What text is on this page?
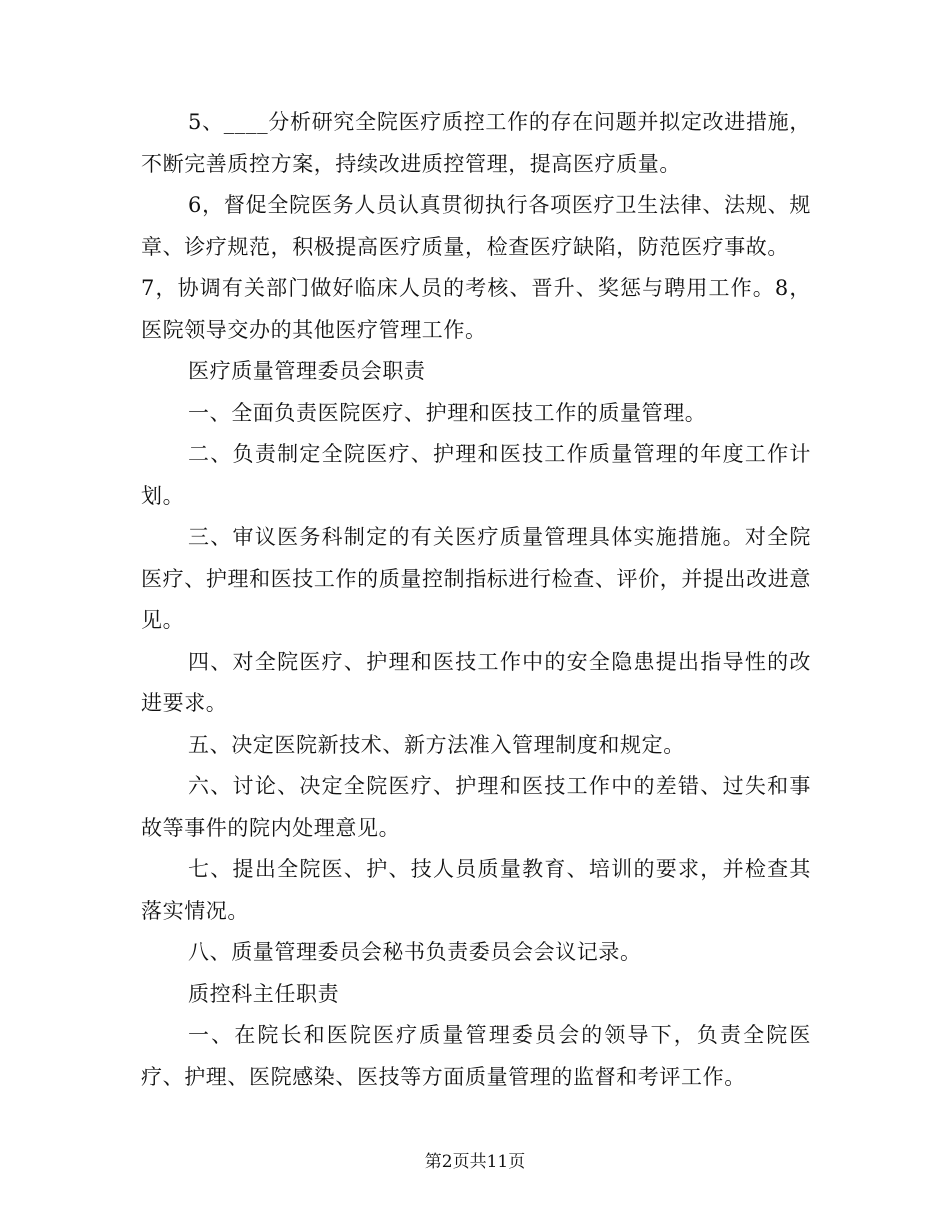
5、____分析研究全院医疗质控工作的存在问题并拟定改进措施，不断完善质控方案，持续改进质控管理，提高医疗质量。

6，督促全院医务人员认真贯彻执行各项医疗卫生法律、法规、规章、诊疗规范，积极提高医疗质量，检查医疗缺陷，防范医疗事故。

7，协调有关部门做好临床人员的考核、晋升、奖惩与聘用工作。8，医院领导交办的其他医疗管理工作。

医疗质量管理委员会职责

一、全面负责医院医疗、护理和医技工作的质量管理。

二、负责制定全院医疗、护理和医技工作质量管理的年度工作计划。

三、审议医务科制定的有关医疗质量管理具体实施措施。对全院医疗、护理和医技工作的质量控制指标进行检查、评价，并提出改进意见。

四、对全院医疗、护理和医技工作中的安全隐患提出指导性的改进要求。

五、决定医院新技术、新方法准入管理制度和规定。

六、讨论、决定全院医疗、护理和医技工作中的差错、过失和事故等事件的院内处理意见。

七、提出全院医、护、技人员质量教育、培训的要求，并检查其落实情况。

八、质量管理委员会秘书负责委员会会议记录。

质控科主任职责

一、在院长和医院医疗质量管理委员会的领导下，负责全院医疗、护理、医院感染、医技等方面质量管理的监督和考评工作。

第2页共11页
